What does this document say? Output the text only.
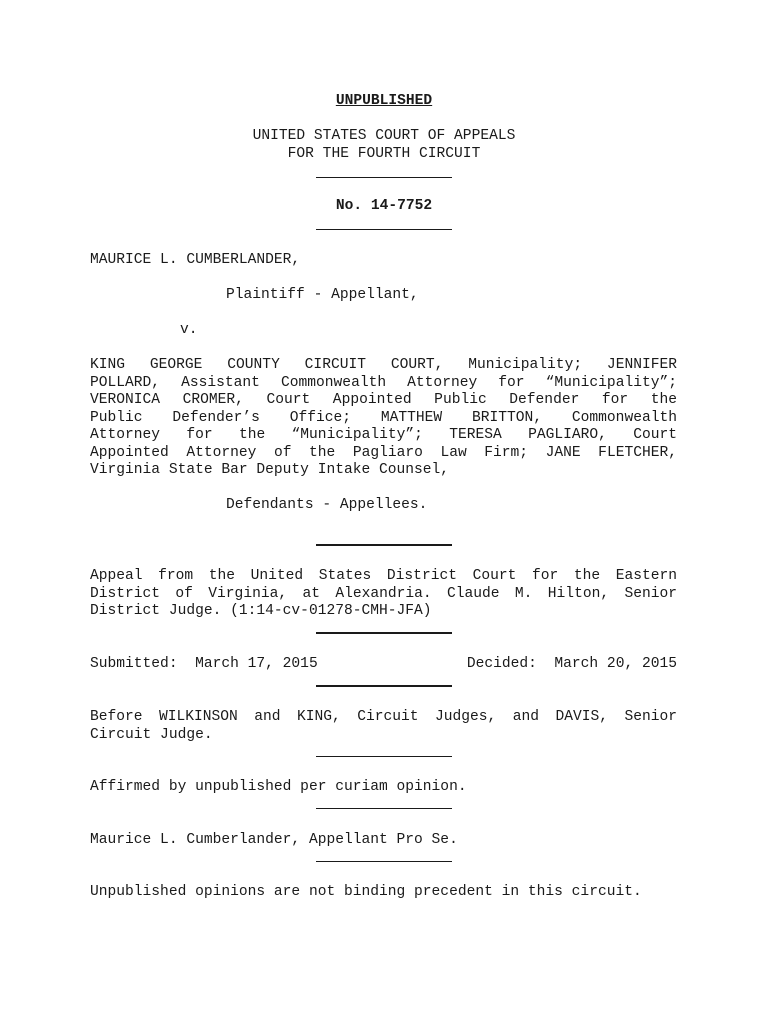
UNPUBLISHED
UNITED STATES COURT OF APPEALS
FOR THE FOURTH CIRCUIT
No. 14-7752
MAURICE L. CUMBERLANDER,
Plaintiff - Appellant,
v.
KING GEORGE COUNTY CIRCUIT COURT, Municipality; JENNIFER
POLLARD, Assistant Commonwealth Attorney for “Municipality”;
VERONICA CROMER, Court Appointed Public Defender for the
Public Defender’s Office; MATTHEW BRITTON, Commonwealth
Attorney for the “Municipality”; TERESA PAGLIARO, Court
Appointed Attorney of the Pagliaro Law Firm; JANE FLETCHER,
Virginia State Bar Deputy Intake Counsel,
Defendants - Appellees.
Appeal from the United States District Court for the Eastern
District of Virginia, at Alexandria. Claude M. Hilton, Senior
District Judge. (1:14-cv-01278-CMH-JFA)
Submitted:  March 17, 2015	Decided:  March 20, 2015
Before WILKINSON and KING, Circuit Judges, and DAVIS, Senior
Circuit Judge.
Affirmed by unpublished per curiam opinion.
Maurice L. Cumberlander, Appellant Pro Se.
Unpublished opinions are not binding precedent in this circuit.
